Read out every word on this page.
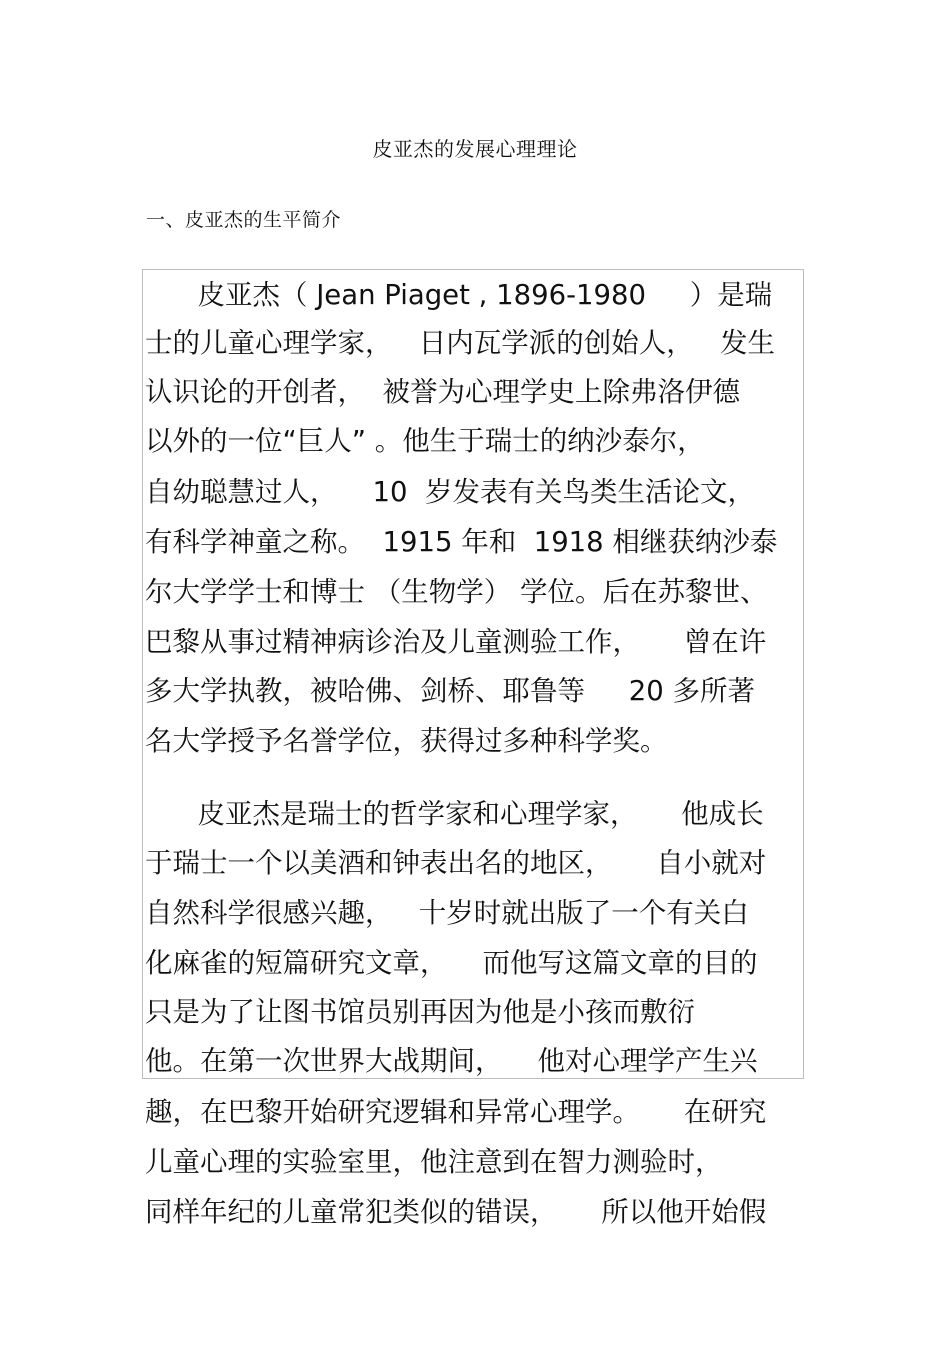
皮亚杰的发展心理理论
一、皮亚杰的生平简介
皮亚杰（ Jean Piaget , 1896-1980     ）是瑞
士的儿童心理学家，   日内瓦学派的创始人，   发生
认识论的开创者，  被誉为心理学史上除弗洛伊德
以外的一位“巨人” 。他生于瑞士的纳沙泰尔，
自幼聪慧过人，    10  岁发表有关鸟类生活论文，
有科学神童之称。  1915 年和  1918 相继获纳沙泰
尔大学学士和博士 （生物学） 学位。后在苏黎世、
巴黎从事过精神病诊治及儿童测验工作，     曾在许
多大学执教，被哈佛、剑桥、耶鲁等     20 多所著
名大学授予名誉学位，获得过多种科学奖。
皮亚杰是瑞士的哲学家和心理学家，     他成长
于瑞士一个以美酒和钟表出名的地区，     自小就对
自然科学很感兴趣，   十岁时就出版了一个有关白
化麻雀的短篇研究文章，    而他写这篇文章的目的
只是为了让图书馆员别再因为他是小孩而敷衍
他。在第一次世界大战期间，    他对心理学产生兴
趣，在巴黎开始研究逻辑和异常心理学。     在研究
儿童心理的实验室里，他注意到在智力测验时，
同样年纪的儿童常犯类似的错误，     所以他开始假
